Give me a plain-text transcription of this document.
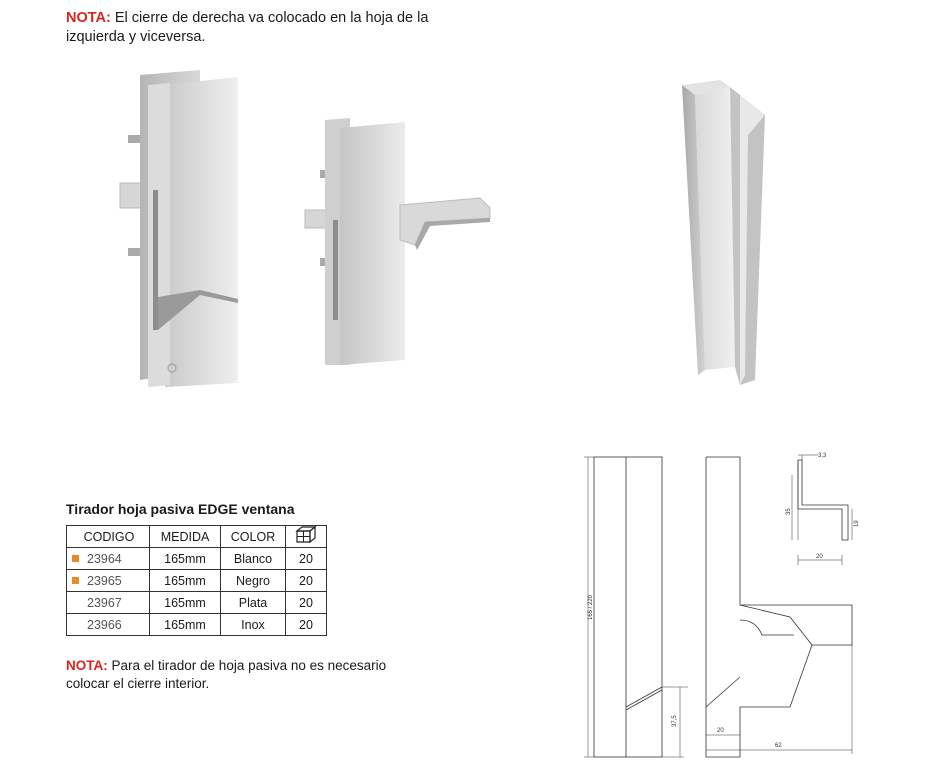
NOTA: El cierre de derecha va colocado en la hoja de la izquierda y viceversa.
Tirador hoja pasiva EDGE ventana
CODIGO	MEDIDA	COLOR	

23964	165mm	Blanco	20

23965	165mm	Negro	20
23967	165mm	Plata	20
23966	165mm	Inox	20
NOTA: Para el tirador de hoja pasiva no es necesario colocar el cierre interior.
165 / 220
37,5
20
62
3,3
35
19
20
